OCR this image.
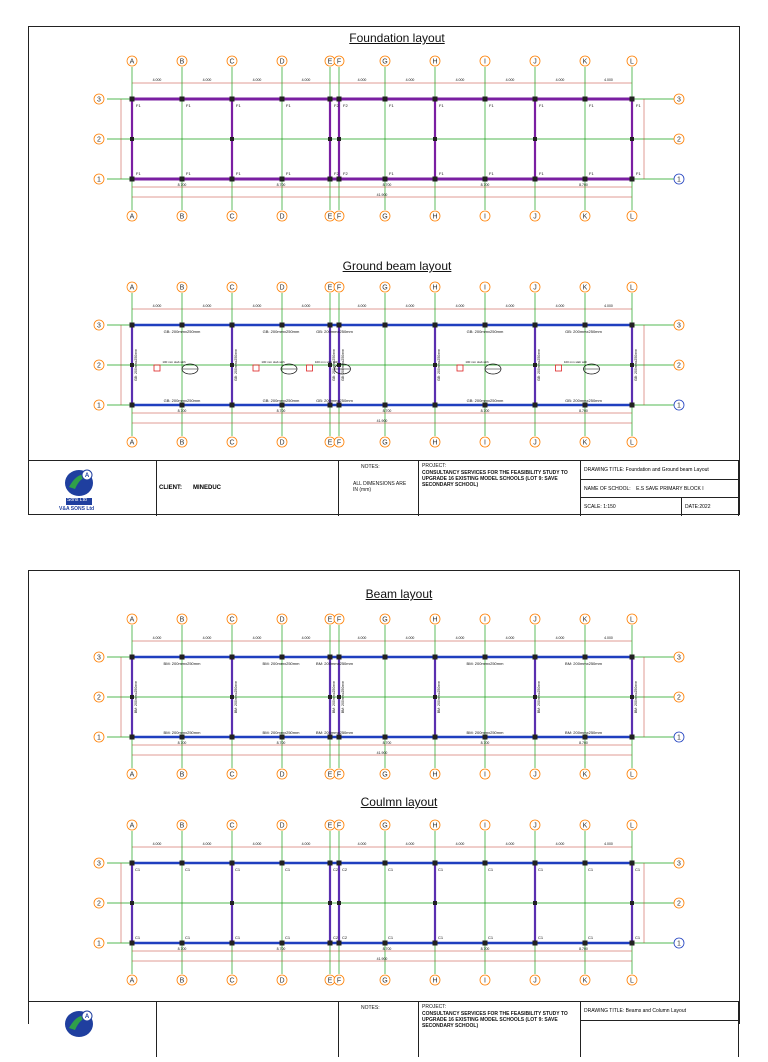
4.000	4.000	4.000	4.000	4.000	4.000	4.000	4.000	4.000	4.000
A
A
B
B
C
C
D
D
E
E
F
F
G
G
H
H
I
I
J
J
K
K
L
L
3	3
2	2
1	1
F1
F1
F1
F1
F1
F1
F1
F1
F2
F2
F2
F2
F1
F1
F1
F1
F1
F1
F1
F1
F1
F1
F1
F1
8.700	8.700	8.700	8.700	8.700
41.900
4.000	4.000	4.000	4.000	4.000	4.000	4.000	4.000	4.000	4.000
A
A
B
B
C
C
D
D
E
E
F
F
G
G
H
H
I
I
J
J
K
K
L
L
3	3
2	2
1	1
GB: 200mmx250mm
GB: 200mmx250mm
100 mm slab with
GB: 200mmx250mm
GB: 200mmx250mm
100 mm slab with
GB: 200mmx250mm
GB: 200mmx250mm
100 mm slab with
GB: 200mmx250mm
GB: 200mmx250mm
100 mm slab with
GB: 200mmx250mm
GB: 200mmx250mm
100 mm slab with
GB: 200mmx250mm	GB: 200mmx250mm	GB: 200mmx250mm GB: 200mmx250mm	GB: 200mmx250mm	GB: 200mmx250mm	GB: 200mmx250mm
8.700	8.700	8.700	8.700	8.700
41.900
Foundation layout
Ground beam layout
A
Sons Ltd
V&A SONS Ltd
CLIENT: MINEDUC
NOTES:
ALL DIMENSIONS ARE IN (mm)
PROJECT:
CONSULTANCY SERVICES FOR THE FEASIBILITY STUDY TO UPGRADE 16 EXISTING MODEL SCHOOLS (LOT 9: SAVE SECONDARY SCHOOL)
DRAWING TITLE: Foundation and Ground beam Layout
NAME OF SCHOOL: E.S SAVE PRIMARY BLOCK I
SCALE: 1:150	DATE:2022
4.000	4.000	4.000	4.000	4.000	4.000	4.000	4.000	4.000	4.000
A
A
B
B
C
C
D
D
E
E
F
F
G
G
H
H
I
I
J
J
K
K
L
L
3	3
2	2
1	1
BM: 200mmx250mm
BM: 200mmx250mm
BM: 200mmx250mm
BM: 200mmx250mm
BM: 200mmx250mm
BM: 200mmx250mm
BM: 200mmx250mm
BM: 200mmx250mm
BM: 200mmx250mm
BM: 200mmx250mm
BM: 200mmx250mm	BM: 200mmx250mm	BM: 200mmx250mm BM: 200mmx250mm	BM: 200mmx250mm	BM: 200mmx250mm	BM: 200mmx250mm
8.700	8.700	8.700	8.700	8.700
41.900
4.000	4.000	4.000	4.000	4.000	4.000	4.000	4.000	4.000	4.000
A
A
B
B
C
C
D
D
E
E
F
F
G
G
H
H
I
I
J
J
K
K
L
L
3	3
2	2
1	1
C1
C1
C1
C1
C1
C1
C1
C1
C2
C2
C2
C2
C1
C1
C1
C1
C1
C1
C1
C1
C1
C1
C1
C1
8.700	8.700	8.700	8.700	8.700
41.900
Beam layout
Coulmn layout
A
NOTES:	PROJECT:
CONSULTANCY SERVICES FOR THE FEASIBILITY STUDY TO UPGRADE 16 EXISTING MODEL SCHOOLS (LOT 9: SAVE SECONDARY SCHOOL)
DRAWING TITLE: Beams and Column Layout
